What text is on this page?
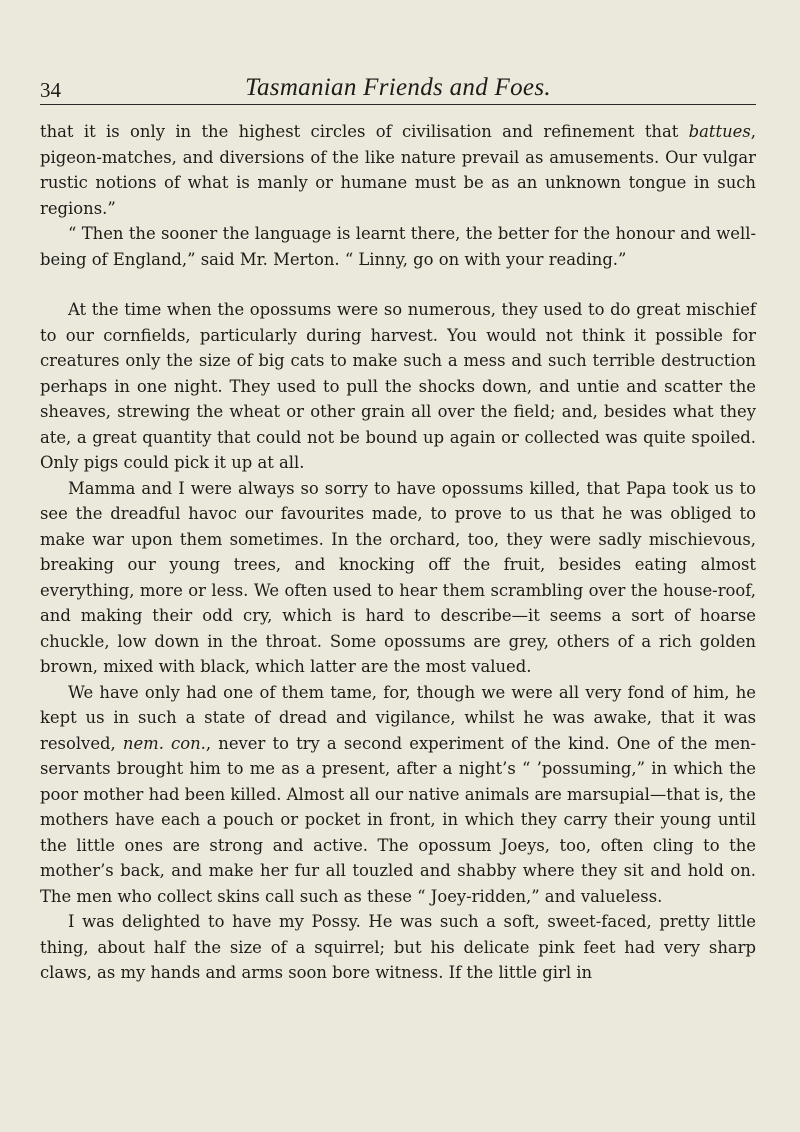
34	Tasmanian Friends and Foes.

that it is only in the highest circles of civilisation and refinement that battues, pigeon-matches, and diversions of the like nature prevail as amusements. Our vulgar rustic notions of what is manly or humane must be as an unknown tongue in such regions.”

“ Then the sooner the language is learnt there, the better for the honour and well-being of England,” said Mr. Merton. “ Linny, go on with your reading.”

At the time when the opossums were so numerous, they used to do great mischief to our cornfields, particularly during harvest. You would not think it possible for creatures only the size of big cats to make such a mess and such terrible destruction perhaps in one night. They used to pull the shocks down, and untie and scatter the sheaves, strewing the wheat or other grain all over the field; and, besides what they ate, a great quantity that could not be bound up again or collected was quite spoiled. Only pigs could pick it up at all.

Mamma and I were always so sorry to have opossums killed, that Papa took us to see the dreadful havoc our favourites made, to prove to us that he was obliged to make war upon them sometimes. In the orchard, too, they were sadly mischievous, breaking our young trees, and knocking off the fruit, besides eating almost everything, more or less. We often used to hear them scrambling over the house-roof, and making their odd cry, which is hard to describe—it seems a sort of hoarse chuckle, low down in the throat. Some opossums are grey, others of a rich golden brown, mixed with black, which latter are the most valued.

We have only had one of them tame, for, though we were all very fond of him, he kept us in such a state of dread and vigilance, whilst he was awake, that it was resolved, nem. con., never to try a second experiment of the kind. One of the men-servants brought him to me as a present, after a night’s “ ’possuming,” in which the poor mother had been killed. Almost all our native animals are marsupial—that is, the mothers have each a pouch or pocket in front, in which they carry their young until the little ones are strong and active. The opossum Joeys, too, often cling to the mother’s back, and make her fur all touzled and shabby where they sit and hold on. The men who collect skins call such as these “ Joey-ridden,” and valueless.

I was delighted to have my Possy. He was such a soft, sweet-faced, pretty little thing, about half the size of a squirrel; but his delicate pink feet had very sharp claws, as my hands and arms soon bore witness. If the little girl in
